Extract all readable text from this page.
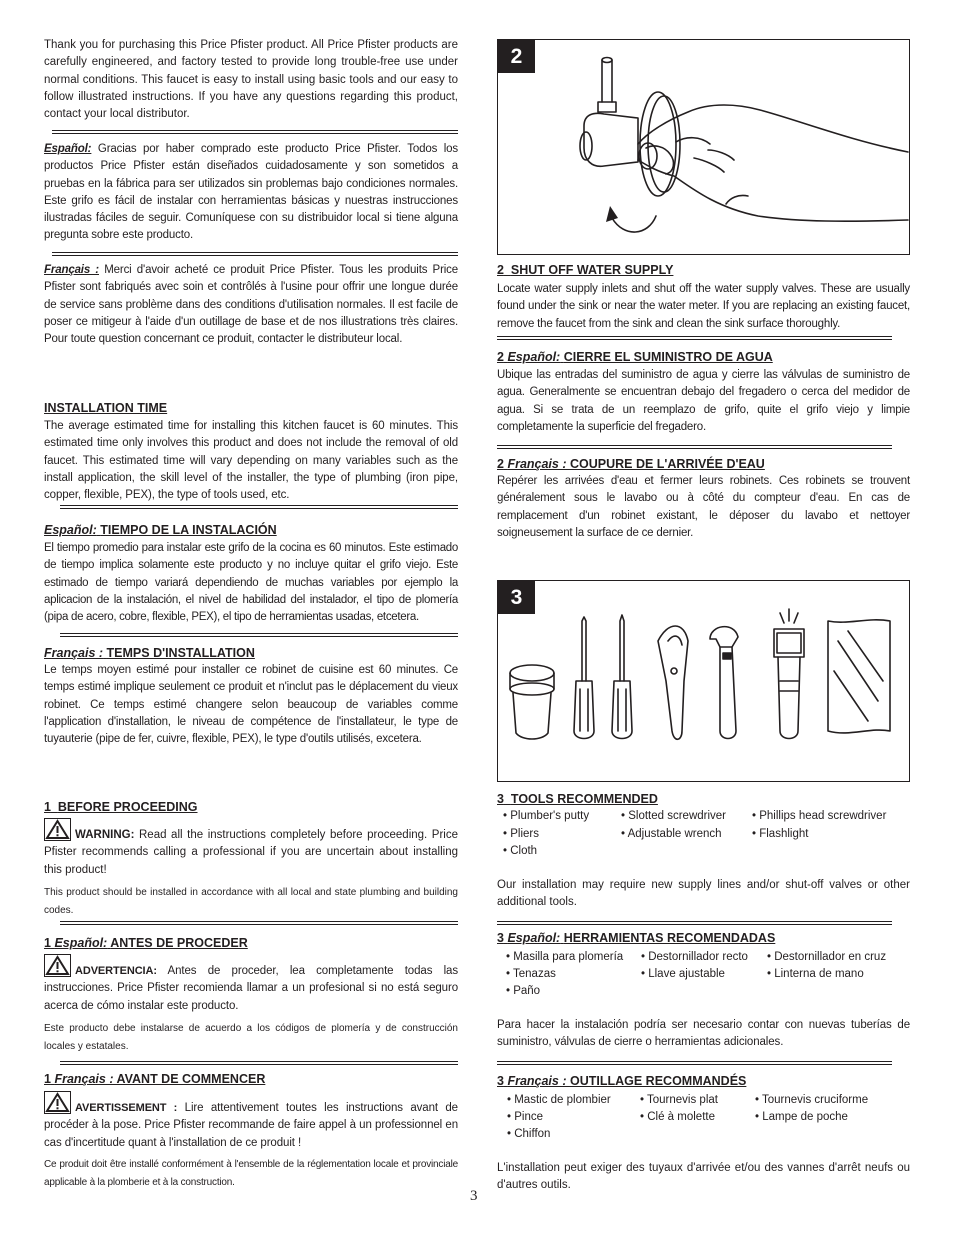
Thank you for purchasing this Price Pfister product. All Price Pfister products are carefully engineered, and factory tested to provide long trouble-free use under normal conditions. This faucet is easy to install using basic tools and our easy to follow illustrated instructions. If you have any questions regarding this product, contact your local distributor.

Español: Gracias por haber comprado este producto Price Pfister. Todos los productos Price Pfister están diseñados cuidadosamente y son sometidos a pruebas en la fábrica para ser utilizados sin problemas bajo condiciones normales. Este grifo es fácil de instalar con herramientas básicas y nuestras instrucciones ilustradas fáciles de seguir. Comuníquese con su distribuidor local si tiene alguna pregunta sobre este producto.

Français : Merci d'avoir acheté ce produit Price Pfister. Tous les produits Price Pfister sont fabriqués avec soin et contrôlés à l'usine pour offrir une longue durée de service sans problème dans des conditions d'utilisation normales. Il est facile de poser ce mitigeur à l'aide d'un outillage de base et de nos illustrations très claires. Pour toute question concernant ce produit, contacter le distributeur local.

INSTALLATION TIME

The average estimated time for installing this kitchen faucet is 60 minutes. This estimated time only involves this product and does not include the removal of old faucet. This estimated time will vary depending on many variables such as the install application, the skill level of the installer, the type of plumbing (iron pipe, copper, flexible, PEX), the type of tools used, etc.

Español: TIEMPO DE LA INSTALACIÓN

El tiempo promedio para instalar este grifo de la cocina es 60 minutos. Este estimado de tiempo implica solamente este producto y no incluye quitar el grifo viejo. Este estimado de tiempo variará dependiendo de muchas variables por ejemplo la aplicacion de la instalación, el nivel de habilidad del instalador, el tipo de plomería (pipa de acero, cobre, flexible, PEX), el tipo de herramientas usadas, etcetera.

Français : TEMPS D'INSTALLATION

Le temps moyen estimé pour installer ce robinet de cuisine est 60 minutes. Ce temps estimé implique seulement ce produit et n'inclut pas le déplacement du vieux robinet. Ce temps estimé changere selon beaucoup de variables comme l'application d'installation, le niveau de compétence de l'installateur, le type de tuyauterie (pipe de fer, cuivre, flexible, PEX), le type d'outils utilisés, excetera.

1 BEFORE PROCEEDING

WARNING: Read all the instructions completely before proceeding. Price Pfister recommends calling a professional if you are uncertain about installing this product!

This product should be installed in accordance with all local and state plumbing and building codes.

1 Español: ANTES DE PROCEDER

ADVERTENCIA: Antes de proceder, lea completamente todas las instrucciones. Price Pfister recomienda llamar a un profesional si no está seguro acerca de cómo instalar este producto.

Este producto debe instalarse de acuerdo a los códigos de plomería y de construcción locales y estatales.

1 Français : AVANT DE COMMENCER

AVERTISSEMENT : Lire attentivement toutes les instructions avant de procéder à la pose. Price Pfister recommande de faire appel à un professionnel en cas d'incertitude quant à l'installation de ce produit !

Ce produit doit être installé conformément à l'ensemble de la réglementation locale et provinciale applicable à la plomberie et à la construction.

2
2 SHUT OFF WATER SUPPLY

Locate water supply inlets and shut off the water supply valves. These are usually found under the sink or near the water meter. If you are replacing an existing faucet, remove the faucet from the sink and clean the sink surface thoroughly.

2 Español: CIERRE EL SUMINISTRO DE AGUA

Ubique las entradas del suministro de agua y cierre las válvulas de suministro de agua. Generalmente se encuentran debajo del fregadero o cerca del medidor de agua. Si se trata de un reemplazo de grifo, quite el grifo viejo y limpie completamente la superficie del fregadero.

2 Français : COUPURE DE L'ARRIVÉE D'EAU

Repérer les arrivées d'eau et fermer leurs robinets. Ces robinets se trouvent généralement sous le lavabo ou à côté du compteur d'eau. En cas de remplacement d'un robinet existant, le déposer du lavabo et nettoyer soigneusement la surface de ce dernier.

3
3 TOOLS RECOMMENDED
• Plumber's putty	• Slotted screwdriver • Phillips head screwdriver
• Pliers	• Adjustable wrench	• Flashlight
• Cloth

Our installation may require new supply lines and/or shut-off valves or other additional tools.

3 Español: HERRAMIENTAS RECOMENDADAS
• Masilla para plomería • Destornillador recto • Destornillador en cruz
• Tenazas	• Llave ajustable	• Linterna de mano
• Paño

Para hacer la instalación podría ser necesario contar con nuevas tuberías de suministro, válvulas de cierre o herramientas adicionales.

3 Français : OUTILLAGE RECOMMANDÉS
• Mastic de plombier	• Tournevis plat	• Tournevis cruciforme
• Pince	• Clé à molette	• Lampe de poche
• Chiffon

L'installation peut exiger des tuyaux d'arrivée et/ou des vannes d'arrêt neufs ou d'autres outils.

3
